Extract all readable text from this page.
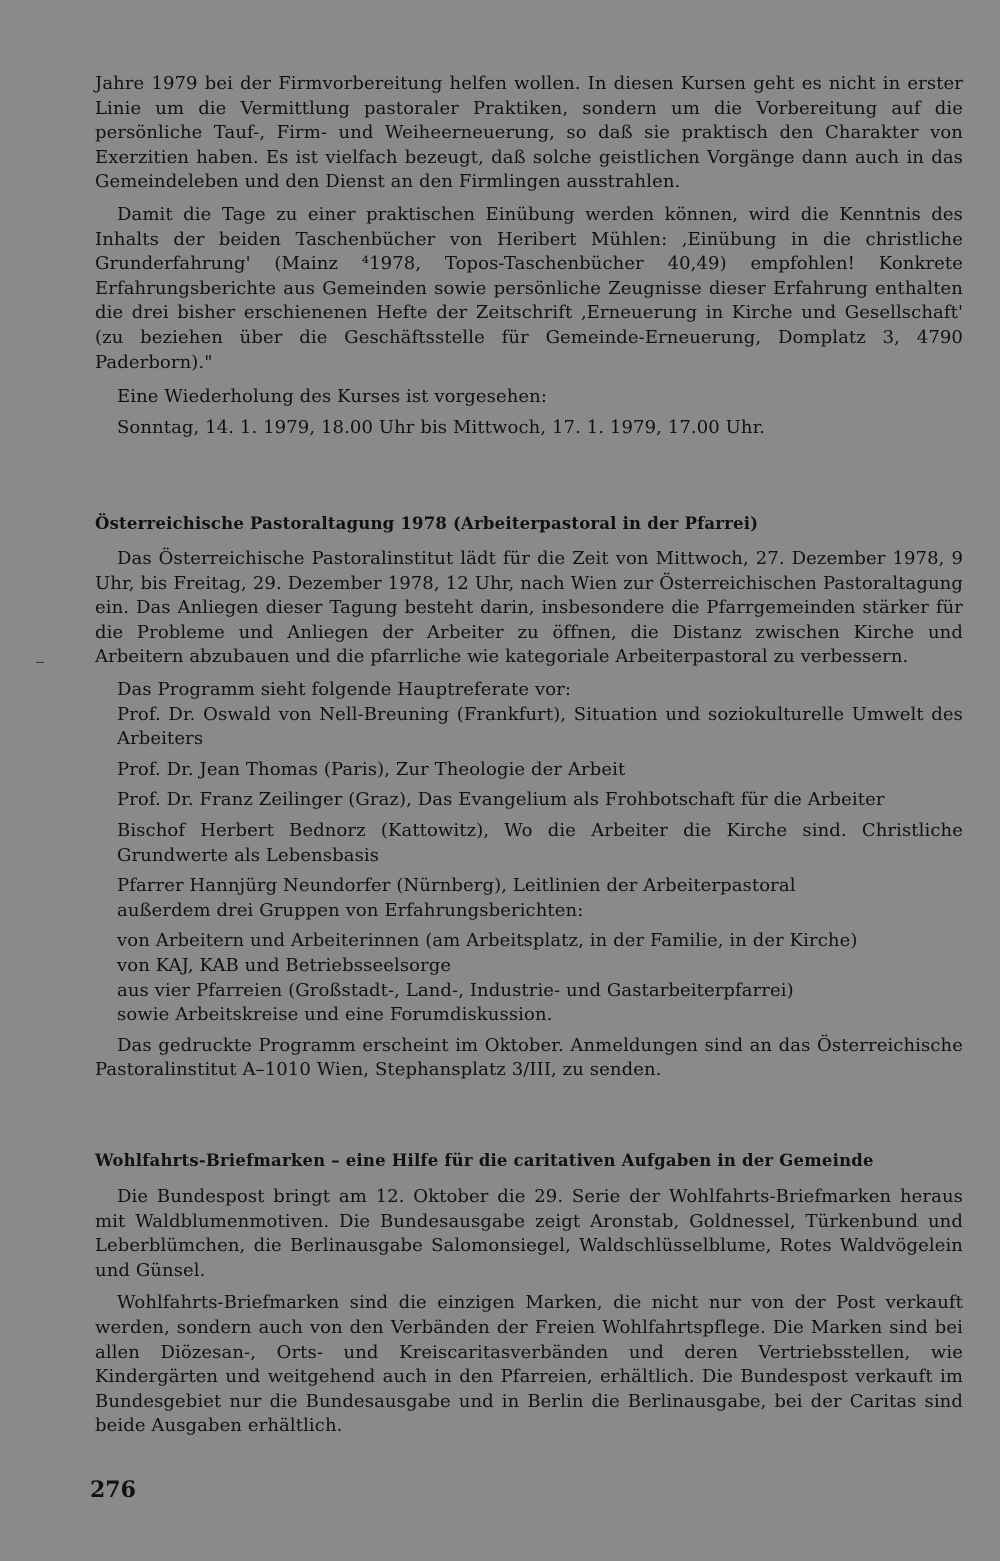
Jahre 1979 bei der Firmvorbereitung helfen wollen. In diesen Kursen geht es nicht in erster Linie um die Vermittlung pastoraler Praktiken, sondern um die Vorbereitung auf die persönliche Tauf-, Firm- und Weiheerneuerung, so daß sie praktisch den Charakter von Exerzitien haben. Es ist vielfach bezeugt, daß solche geistlichen Vorgänge dann auch in das Gemeindeleben und den Dienst an den Firmlingen ausstrahlen.

Damit die Tage zu einer praktischen Einübung werden können, wird die Kenntnis des Inhalts der beiden Taschenbücher von Heribert Mühlen: ‚Einübung in die christliche Grunderfahrung' (Mainz ⁴1978, Topos-Taschenbücher 40,49) empfohlen! Konkrete Erfahrungsberichte aus Gemeinden sowie persönliche Zeugnisse dieser Erfahrung enthalten die drei bisher erschienenen Hefte der Zeitschrift ‚Erneuerung in Kirche und Gesellschaft' (zu beziehen über die Geschäftsstelle für Gemeinde-Erneuerung, Domplatz 3, 4790 Paderborn)."

Eine Wiederholung des Kurses ist vorgesehen:

Sonntag, 14. 1. 1979, 18.00 Uhr bis Mittwoch, 17. 1. 1979, 17.00 Uhr.

Österreichische Pastoraltagung 1978 (Arbeiterpastoral in der Pfarrei)

Das Österreichische Pastoralinstitut lädt für die Zeit von Mittwoch, 27. Dezember 1978, 9 Uhr, bis Freitag, 29. Dezember 1978, 12 Uhr, nach Wien zur Österreichischen Pastoraltagung ein. Das Anliegen dieser Tagung besteht darin, insbesondere die Pfarrgemeinden stärker für die Probleme und Anliegen der Arbeiter zu öffnen, die Distanz zwischen Kirche und Arbeitern abzubauen und die pfarrliche wie kategoriale Arbeiterpastoral zu verbessern.

Das Programm sieht folgende Hauptreferate vor:

Prof. Dr. Oswald von Nell-Breuning (Frankfurt), Situation und soziokulturelle Umwelt des Arbeiters

Prof. Dr. Jean Thomas (Paris), Zur Theologie der Arbeit

Prof. Dr. Franz Zeilinger (Graz), Das Evangelium als Frohbotschaft für die Arbeiter

Bischof Herbert Bednorz (Kattowitz), Wo die Arbeiter die Kirche sind. Christliche Grundwerte als Lebensbasis

Pfarrer Hannjürg Neundorfer (Nürnberg), Leitlinien der Arbeiterpastoral

außerdem drei Gruppen von Erfahrungsberichten:

von Arbeitern und Arbeiterinnen (am Arbeitsplatz, in der Familie, in der Kirche)

von KAJ, KAB und Betriebsseelsorge

aus vier Pfarreien (Großstadt-, Land-, Industrie- und Gastarbeiterpfarrei)

sowie Arbeitskreise und eine Forumdiskussion.

Das gedruckte Programm erscheint im Oktober. Anmeldungen sind an das Österreichische Pastoralinstitut A–1010 Wien, Stephansplatz 3/III, zu senden.

Wohlfahrts-Briefmarken – eine Hilfe für die caritativen Aufgaben in der Gemeinde

Die Bundespost bringt am 12. Oktober die 29. Serie der Wohlfahrts-Briefmarken heraus mit Waldblumenmotiven. Die Bundesausgabe zeigt Aronstab, Goldnessel, Türkenbund und Leberblümchen, die Berlinausgabe Salomonsiegel, Waldschlüsselblume, Rotes Waldvögelein und Günsel.

Wohlfahrts-Briefmarken sind die einzigen Marken, die nicht nur von der Post verkauft werden, sondern auch von den Verbänden der Freien Wohlfahrtspflege. Die Marken sind bei allen Diözesan-, Orts- und Kreiscaritasverbänden und deren Vertriebsstellen, wie Kindergärten und weitgehend auch in den Pfarreien, erhältlich. Die Bundespost verkauft im Bundesgebiet nur die Bundesausgabe und in Berlin die Berlinausgabe, bei der Caritas sind beide Ausgaben erhältlich.

276
